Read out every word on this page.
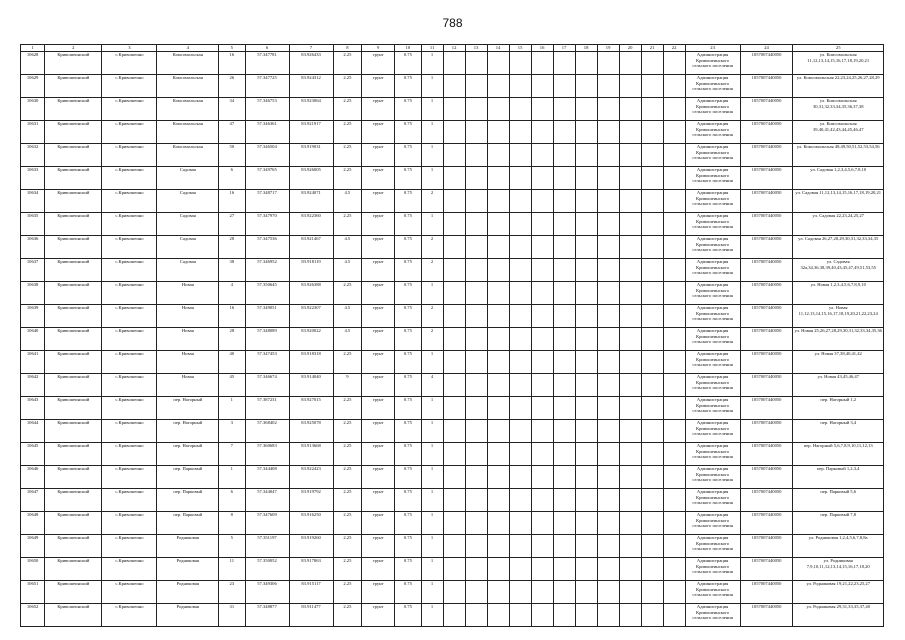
788
1	2	3	4	5	6	7	8	9	10	11	12	13	14	15	16	17	18	19	20	21	22	23	24	25
10628	Кривошеинский	с.Кривошеино	Комсомольская	16	57.347781	83.926433	2.25	грунт	0.75	1												Администрация Кривошеинского сельского поселения	1057007440050	ул. Комсомольская 11,12,13,14,15,16,17,18,19,20,21
10629	Кривошеинский	с.Кривошеино	Комсомольская	26	57.347725	83.924312	2.25	грунт	0.75	1												Администрация Кривошеинского сельского поселения	1057007440050	ул. Комсомольская 22,23,24,25,26,27,28,29
10630	Кривошеинский	с.Кривошеино	Комсомольская	34	57.346753	83.923064	2.25	грунт	0.75	1												Администрация Кривошеинского сельского поселения	1057007440050	ул. Комсомольская 30,31,32,33,34,35,36,37,38
10631	Кривошеинский	с.Кривошеино	Комсомольская	47	57.346361	83.921917	2.25	грунт	0.75	1												Администрация Кривошеинского сельского поселения	1057007440050	ул. Комсомольская 39,40,41,42,43,44,45,46,47
10632	Кривошеинский	с.Кривошеино	Комсомольская	50	57.346504	83.919031	2.25	грунт	0.75	1												Администрация Кривошеинского сельского поселения	1057007440050	ул. Комсомольская 48,49,50,51,52,53,54,56
10633	Кривошеинский	с.Кривошеино	Садовая	6	57.349765	83.926005	2.25	грунт	0.75	1												Администрация Кривошеинского сельского поселения	1057007440050	ул. Садовая 1,2,3,4,5,6,7,8,10
10634	Кривошеинский	с.Кривошеино	Садовая	16	57.348717	83.924071	4.5	грунт	0.75	2												Администрация Кривошеинского сельского поселения	1057007440050	ул. Садовая 11,12,13,14,15,16,17,18,19,20,21
10635	Кривошеинский	с.Кривошеино	Садовая	27	57.347970	83.922360	2.25	грунт	0.75	1												Администрация Кривошеинского сельского поселения	1057007440050	ул. Садовая 22,23,24,25,27
10636	Кривошеинский	с.Кривошеино	Садовая	28	57.347536	83.921467	4.5	грунт	0.75	2												Администрация Кривошеинского сельского поселения	1057007440050	ул. Садовая 26,27,28,29,30,31,32,33,34,35
10637	Кривошеинский	с.Кривошеино	Садовая	38	57.346952	83.918119	4.5	грунт	0.75	2												Администрация Кривошеинского сельского поселения	1057007440050	ул. Садовая 32а,34,36,38,39,40,43,45,47,49,51,53,55
10638	Кривошеинский	с.Кривошеино	Новая	4	57.350645	83.926388	2.25	грунт	0.75	1												Администрация Кривошеинского сельского поселения	1057007440050	ул. Новая 1,2,3,4,5,6,7,8,9,10
10639	Кривошеинский	с.Кривошеино	Новая	16	57.349051	83.922307	4.5	грунт	0.75	2												Администрация Кривошеинского сельского поселения	1057007440050	ул. Новая 11,12,13,14,15,16,17,18,19,20,21,22,23,24
10640	Кривошеинский	с.Кривошеино	Новая	28	57.348089	83.920022	4.5	грунт	0.75	2												Администрация Кривошеинского сельского поселения	1057007440050	ул. Новая 25,26,27,28,29,30,31,32,33,34,35,36
10641	Кривошеинский	с.Кривошеино	Новая	40	57.347453	83.918318	2.25	грунт	0.75	1												Администрация Кривошеинского сельского поселения	1057007440050	ул. Новая 37,38,40,41,42
10642	Кривошеинский	с.Кривошеино	Новая	45	57.346674	83.914040	9	грунт	0.75	4												Администрация Кривошеинского сельского поселения	1057007440050	ул. Новая 43,45,46,47
10643	Кривошеинский	с.Кривошеино	пер. Нагорный	1	57.387231	83.927015	2.25	грунт	0.75	1												Администрация Кривошеинского сельского поселения	1057007440050	пер. Нагорный 1,2
10644	Кривошеинский	с.Кривошеино	пер. Нагорный	3	57.368402	83.925078	2.25	грунт	0.75	1												Администрация Кривошеинского сельского поселения	1057007440050	пер. Нагорный 3,4
10645	Кривошеинский	с.Кривошеино	пер. Нагорный	7	57.360683	83.913668	2.25	грунт	0.75	1												Администрация Кривошеинского сельского поселения	1057007440050	пер. Нагорный 5,6,7,8,9,10,11,12,13
10646	Кривошеинский	с.Кривошеино	пер. Парковый	1	57.344408	83.922423	2.25	грунт	0.75	1												Администрация Кривошеинского сельского поселения	1057007440050	пер. Парковый 1,2,3,4
10647	Кривошеинский	с.Кривошеино	пер. Парковый	6	57.344047	83.919792	2.25	грунт	0.75	1												Администрация Кривошеинского сельского поселения	1057007440050	пер. Парковый 5,6
10648	Кривошеинский	с.Кривошеино	пер. Парковый	8	57.347609	83.916250	2.25	грунт	0.75	1												Администрация Кривошеинского сельского поселения	1057007440050	пер. Парковый 7,8
10649	Кривошеинский	с.Кривошеино	Родниковая	5	57.351197	83.919260	2.25	грунт	0.75	1												Администрация Кривошеинского сельского поселения	1057007440050	ул. Родниковая 1,2,4,5,6,7,8,8а
10650	Кривошеинский	с.Кривошеино	Родниковая	11	57.350052	83.917863	2.25	грунт	0.75	1												Администрация Кривошеинского сельского поселения	1057007440050	ул. Родниковая 7,9,10,11,12,13,14,15,16,17,18,20
10651	Кривошеинский	с.Кривошеино	Родниковая	23	57.349306	83.915117	2.25	грунт	0.75	1												Администрация Кривошеинского сельского поселения	1057007440050	ул. Родниковая 19,21,22,23,25,27
10652	Кривошеинский	с.Кривошеино	Родниковая	31	57.348877	83.911477	2.25	грунт	0.75	1												Администрация Кривошеинского сельского поселения	1057007440050	ул. Родниковая 29,31,33,35,37,40
